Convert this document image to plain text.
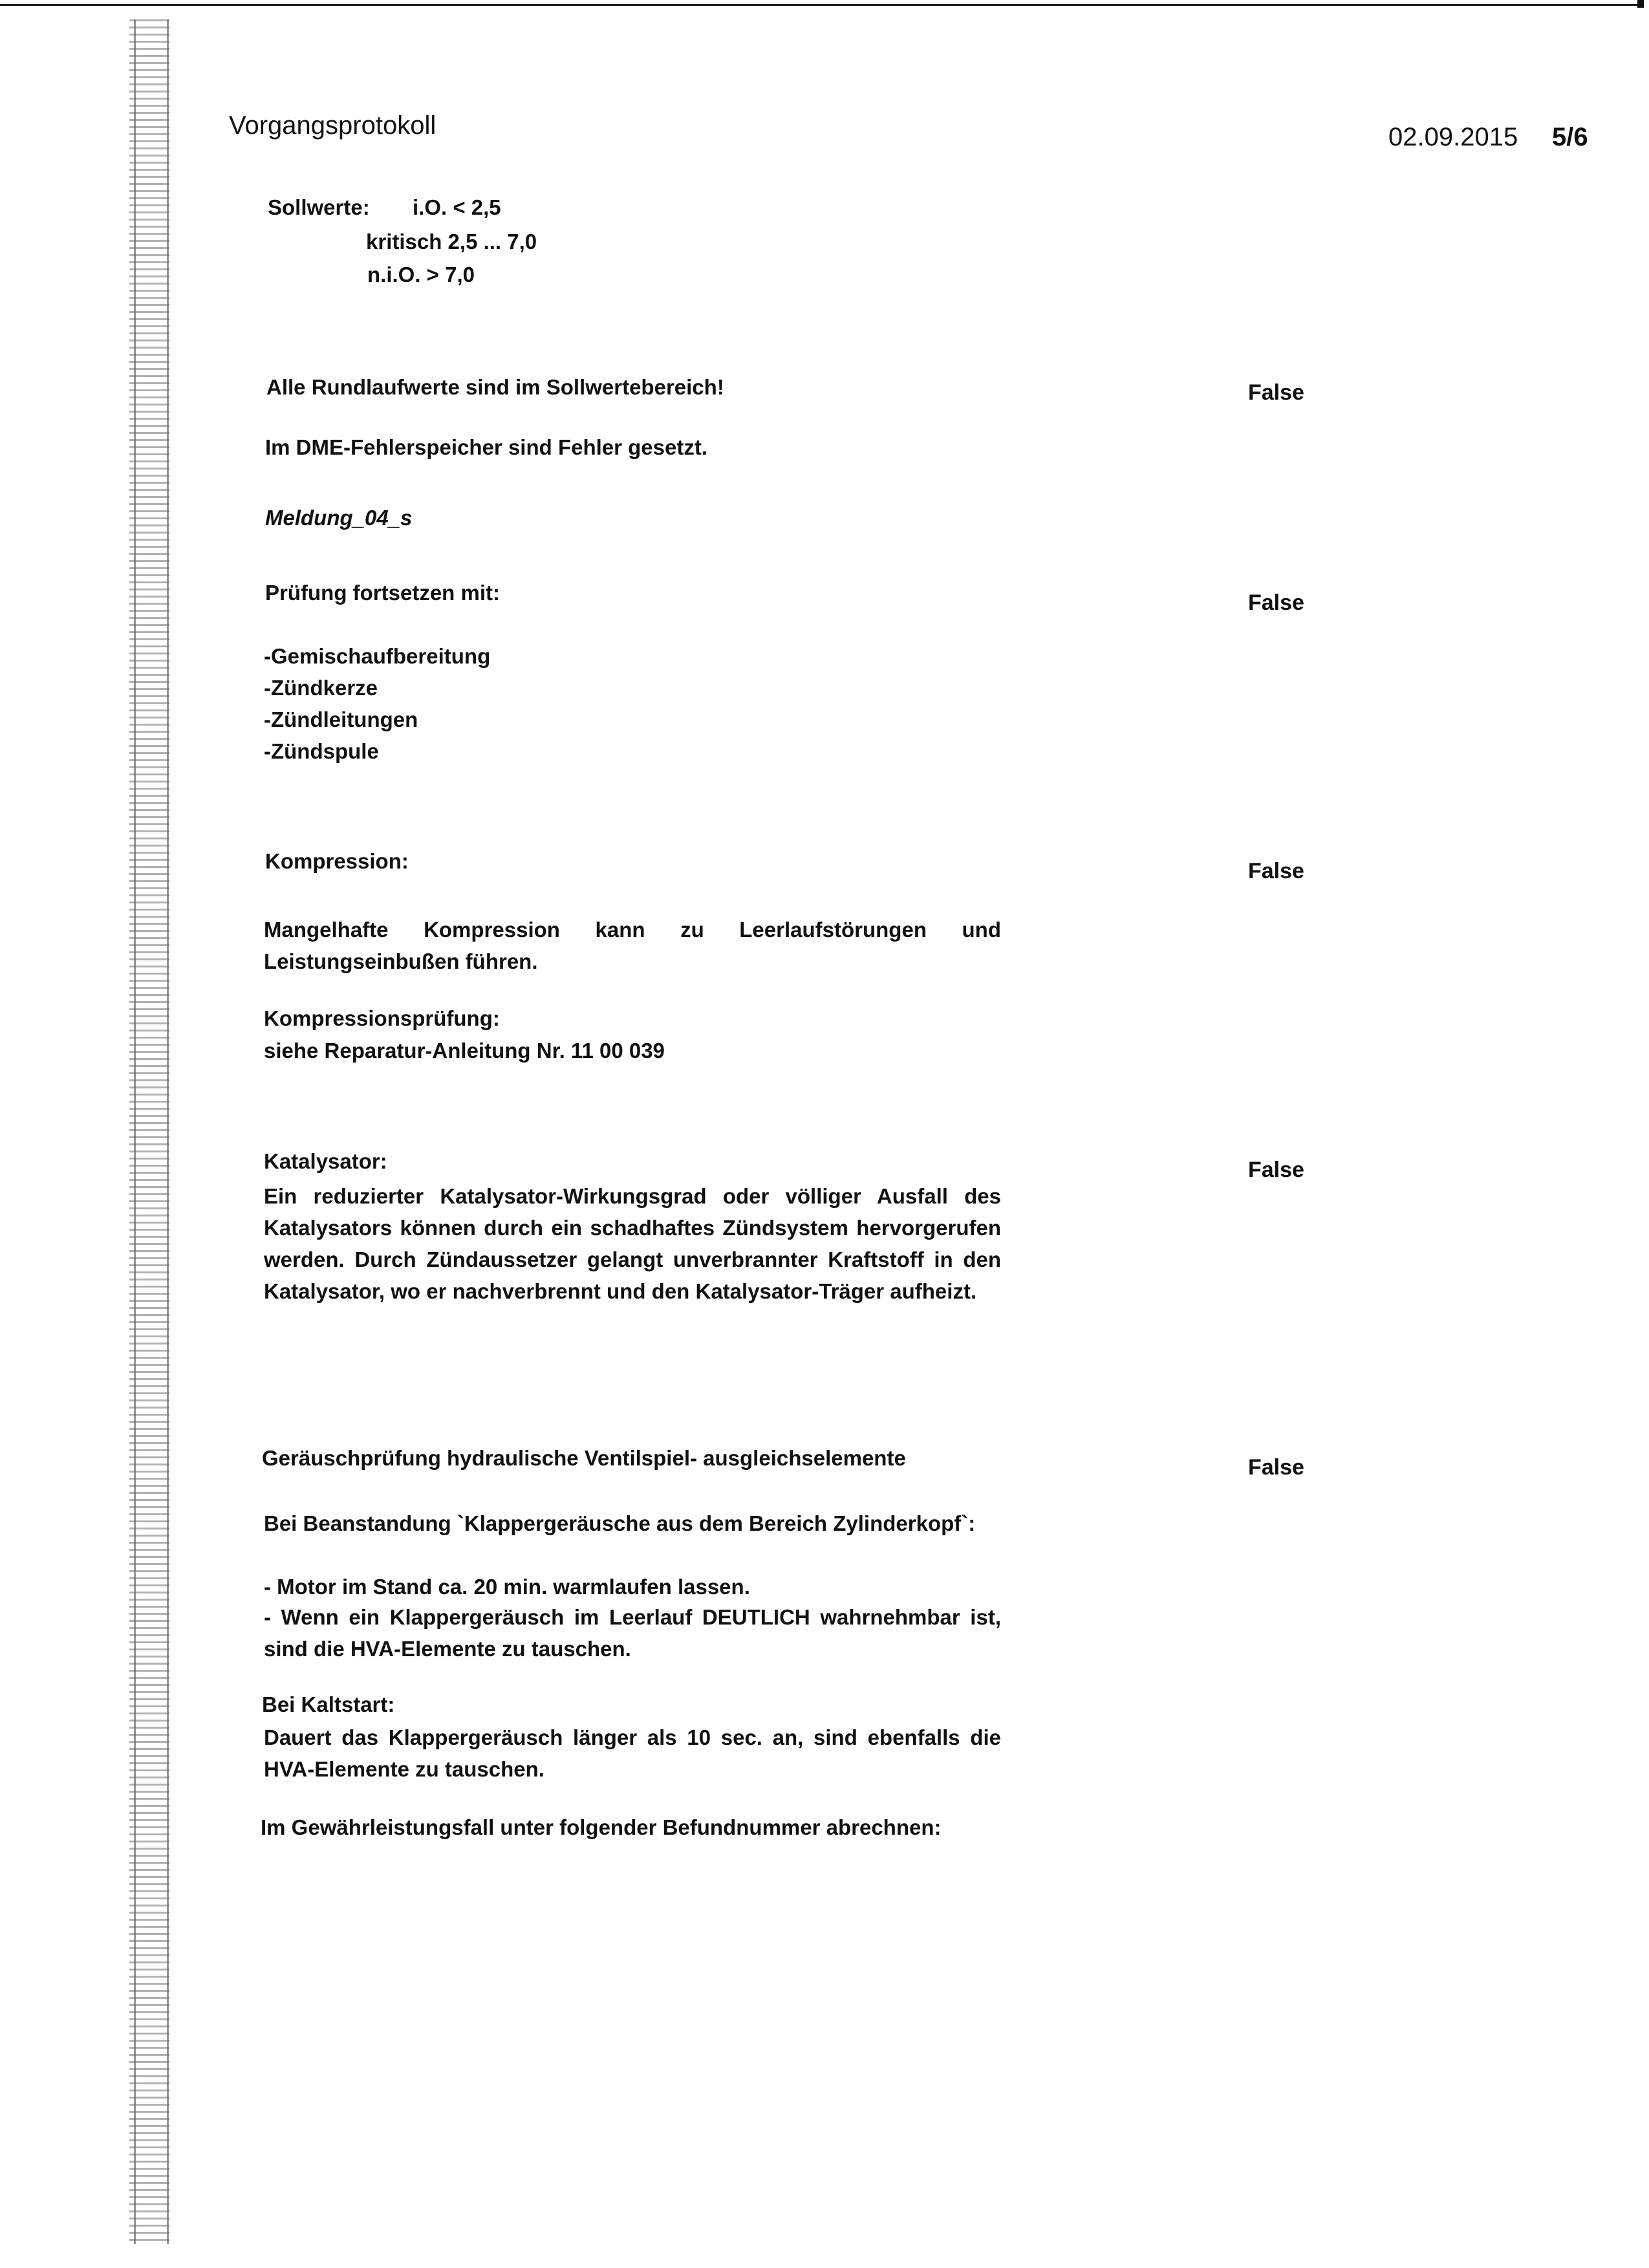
Vorgangsprotokoll	02.09.2015 5/6
Sollwerte: i.O. < 2,5
kritisch 2,5 ... 7,0
n.i.O. > 7,0
Alle Rundlaufwerte sind im Sollwertebereich!	False
Im DME-Fehlerspeicher sind Fehler gesetzt.
Meldung_04_s
Prüfung fortsetzen mit:	False
-Gemischaufbereitung
-Zündkerze
-Zündleitungen
-Zündspule
Kompression:	False
Mangelhafte Kompression kann zu Leerlaufstörungen und Leistungseinbußen führen.
Kompressionsprüfung:
siehe Reparatur-Anleitung Nr. 11 00 039
Katalysator:	False
Ein reduzierter Katalysator-Wirkungsgrad oder völliger Ausfall des Katalysators können durch ein schadhaftes Zündsystem hervorgerufen werden. Durch Zündaussetzer gelangt unverbrannter Kraftstoff in den Katalysator, wo er nachverbrennt und den Katalysator-Träger aufheizt.
Geräuschprüfung hydraulische Ventilspiel- ausgleichselemente	False
Bei Beanstandung `Klappergeräusche aus dem Bereich Zylinderkopf`:
- Motor im Stand ca. 20 min. warmlaufen lassen.
- Wenn ein Klappergeräusch im Leerlauf DEUTLICH wahrnehmbar ist, sind die HVA-Elemente zu tauschen.
Bei Kaltstart:
Dauert das Klappergeräusch länger als 10 sec. an, sind ebenfalls die HVA-Elemente zu tauschen.
Im Gewährleistungsfall unter folgender Befundnummer abrechnen:
